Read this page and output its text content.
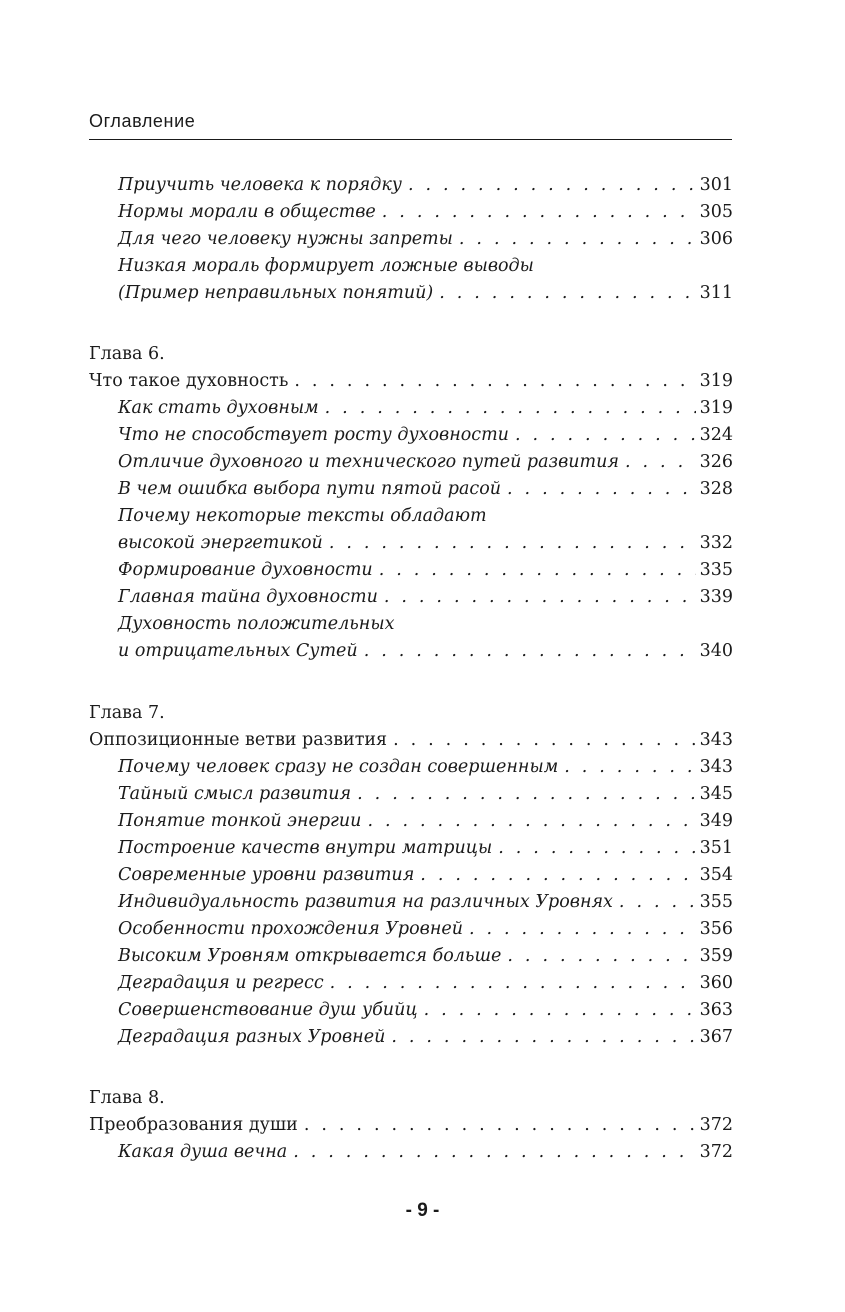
Оглавление
Приучить человека к порядку . . .	301
Нормы морали в обществе . . .	305
Для чего человеку нужны запреты . . .	306
Низкая мораль формирует ложные выводы
(Пример неправильных понятий) . . .	311
Глава 6.
Что такое духовность . . .	319
Как стать духовным . . .	319
Что не способствует росту духовности . . .	324
Отличие духовного и технического путей развития . . .	326
В чем ошибка выбора пути пятой расой . . .	328
Почему некоторые тексты обладают
высокой энергетикой . . .	332
Формирование духовности . . .	335
Главная тайна духовности . . .	339
Духовность положительных
и отрицательных Сутей . . .	340
Глава 7.
Оппозиционные ветви развития . . .	343
Почему человек сразу не создан совершенным . . .	343
Тайный смысл развития . . .	345
Понятие тонкой энергии . . .	349
Построение качеств внутри матрицы . . .	351
Современные уровни развития . . .	354
Индивидуальность развития на различных Уровнях . . .	355
Особенности прохождения Уровней . . .	356
Высоким Уровням открывается больше . . .	359
Деградация и регресс . . .	360
Совершенствование душ убийц . . .	363
Деградация разных Уровней . . .	367
Глава 8.
Преобразования души . . .	372
Какая душа вечна . . .	372
- 9 -
